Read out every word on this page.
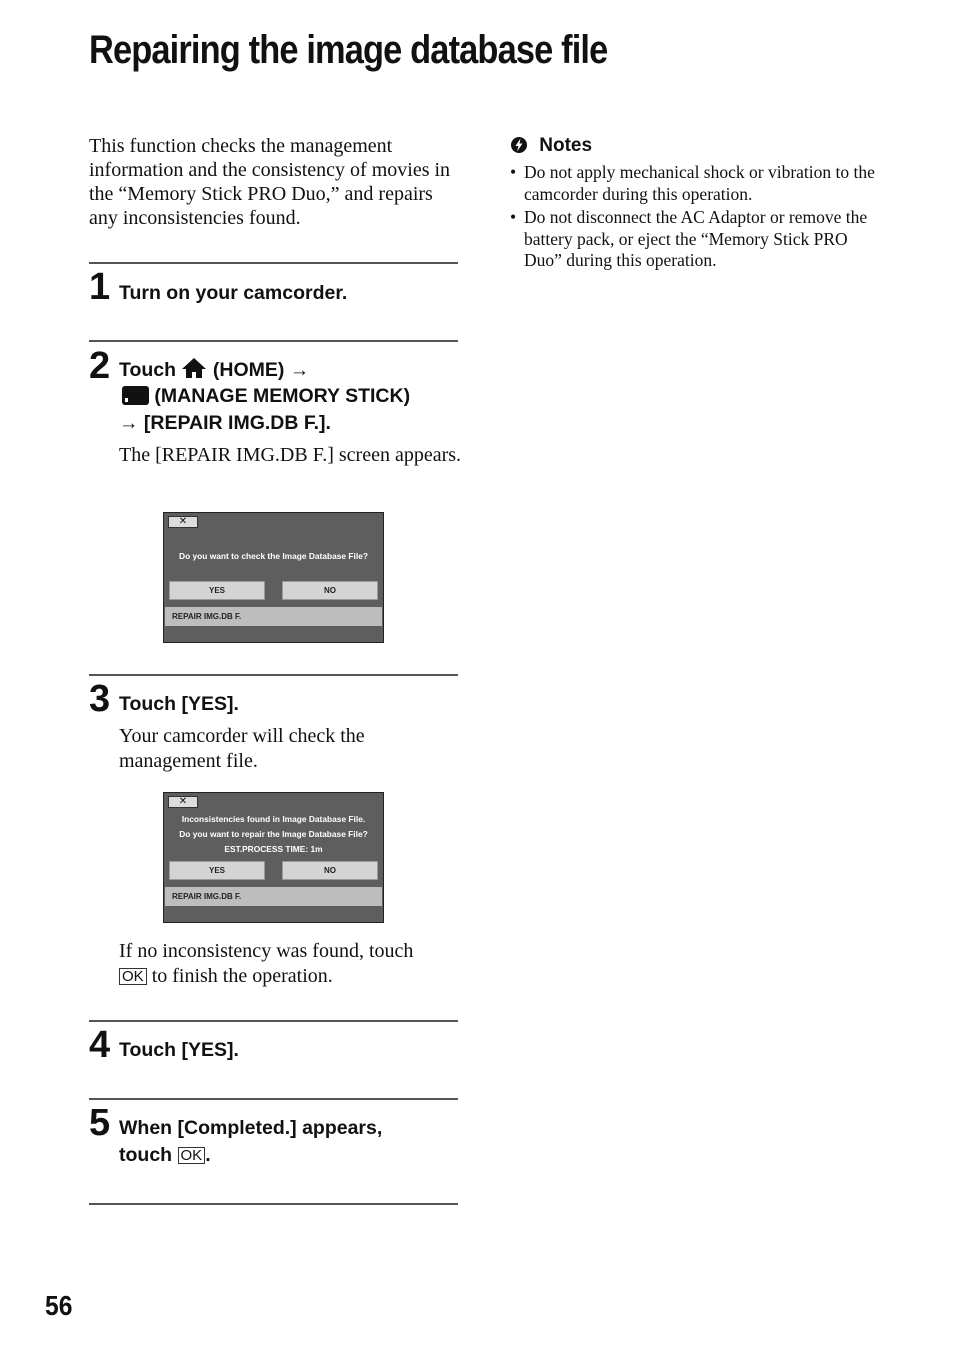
Repairing the image database file

This function checks the management information and the consistency of movies in the “Memory Stick PRO Duo,” and repairs any inconsistencies found.

1 Turn on your camcorder.
2 Touch (HOME) →
(MANAGE MEMORY STICK)
→ [REPAIR IMG.DB F.].

The [REPAIR IMG.DB F.] screen appears.

✕
Do you want to check the Image Database File?
YES	NO
REPAIR IMG.DB F.
3 Touch [YES].

Your camcorder will check the management file.

✕
Inconsistencies found in Image Database File.
Do you want to repair the Image Database File?
EST.PROCESS TIME: 1m
YES	NO
REPAIR IMG.DB F.

If no inconsistency was found, touch
OK to finish the operation.

4 Touch [YES].
5 When [Completed.] appears,
touch OK .
Notes
• Do not apply mechanical shock or vibration to the camcorder during this operation.
• Do not disconnect the AC Adaptor or remove the battery pack, or eject the “Memory Stick PRO Duo” during this operation.
56
